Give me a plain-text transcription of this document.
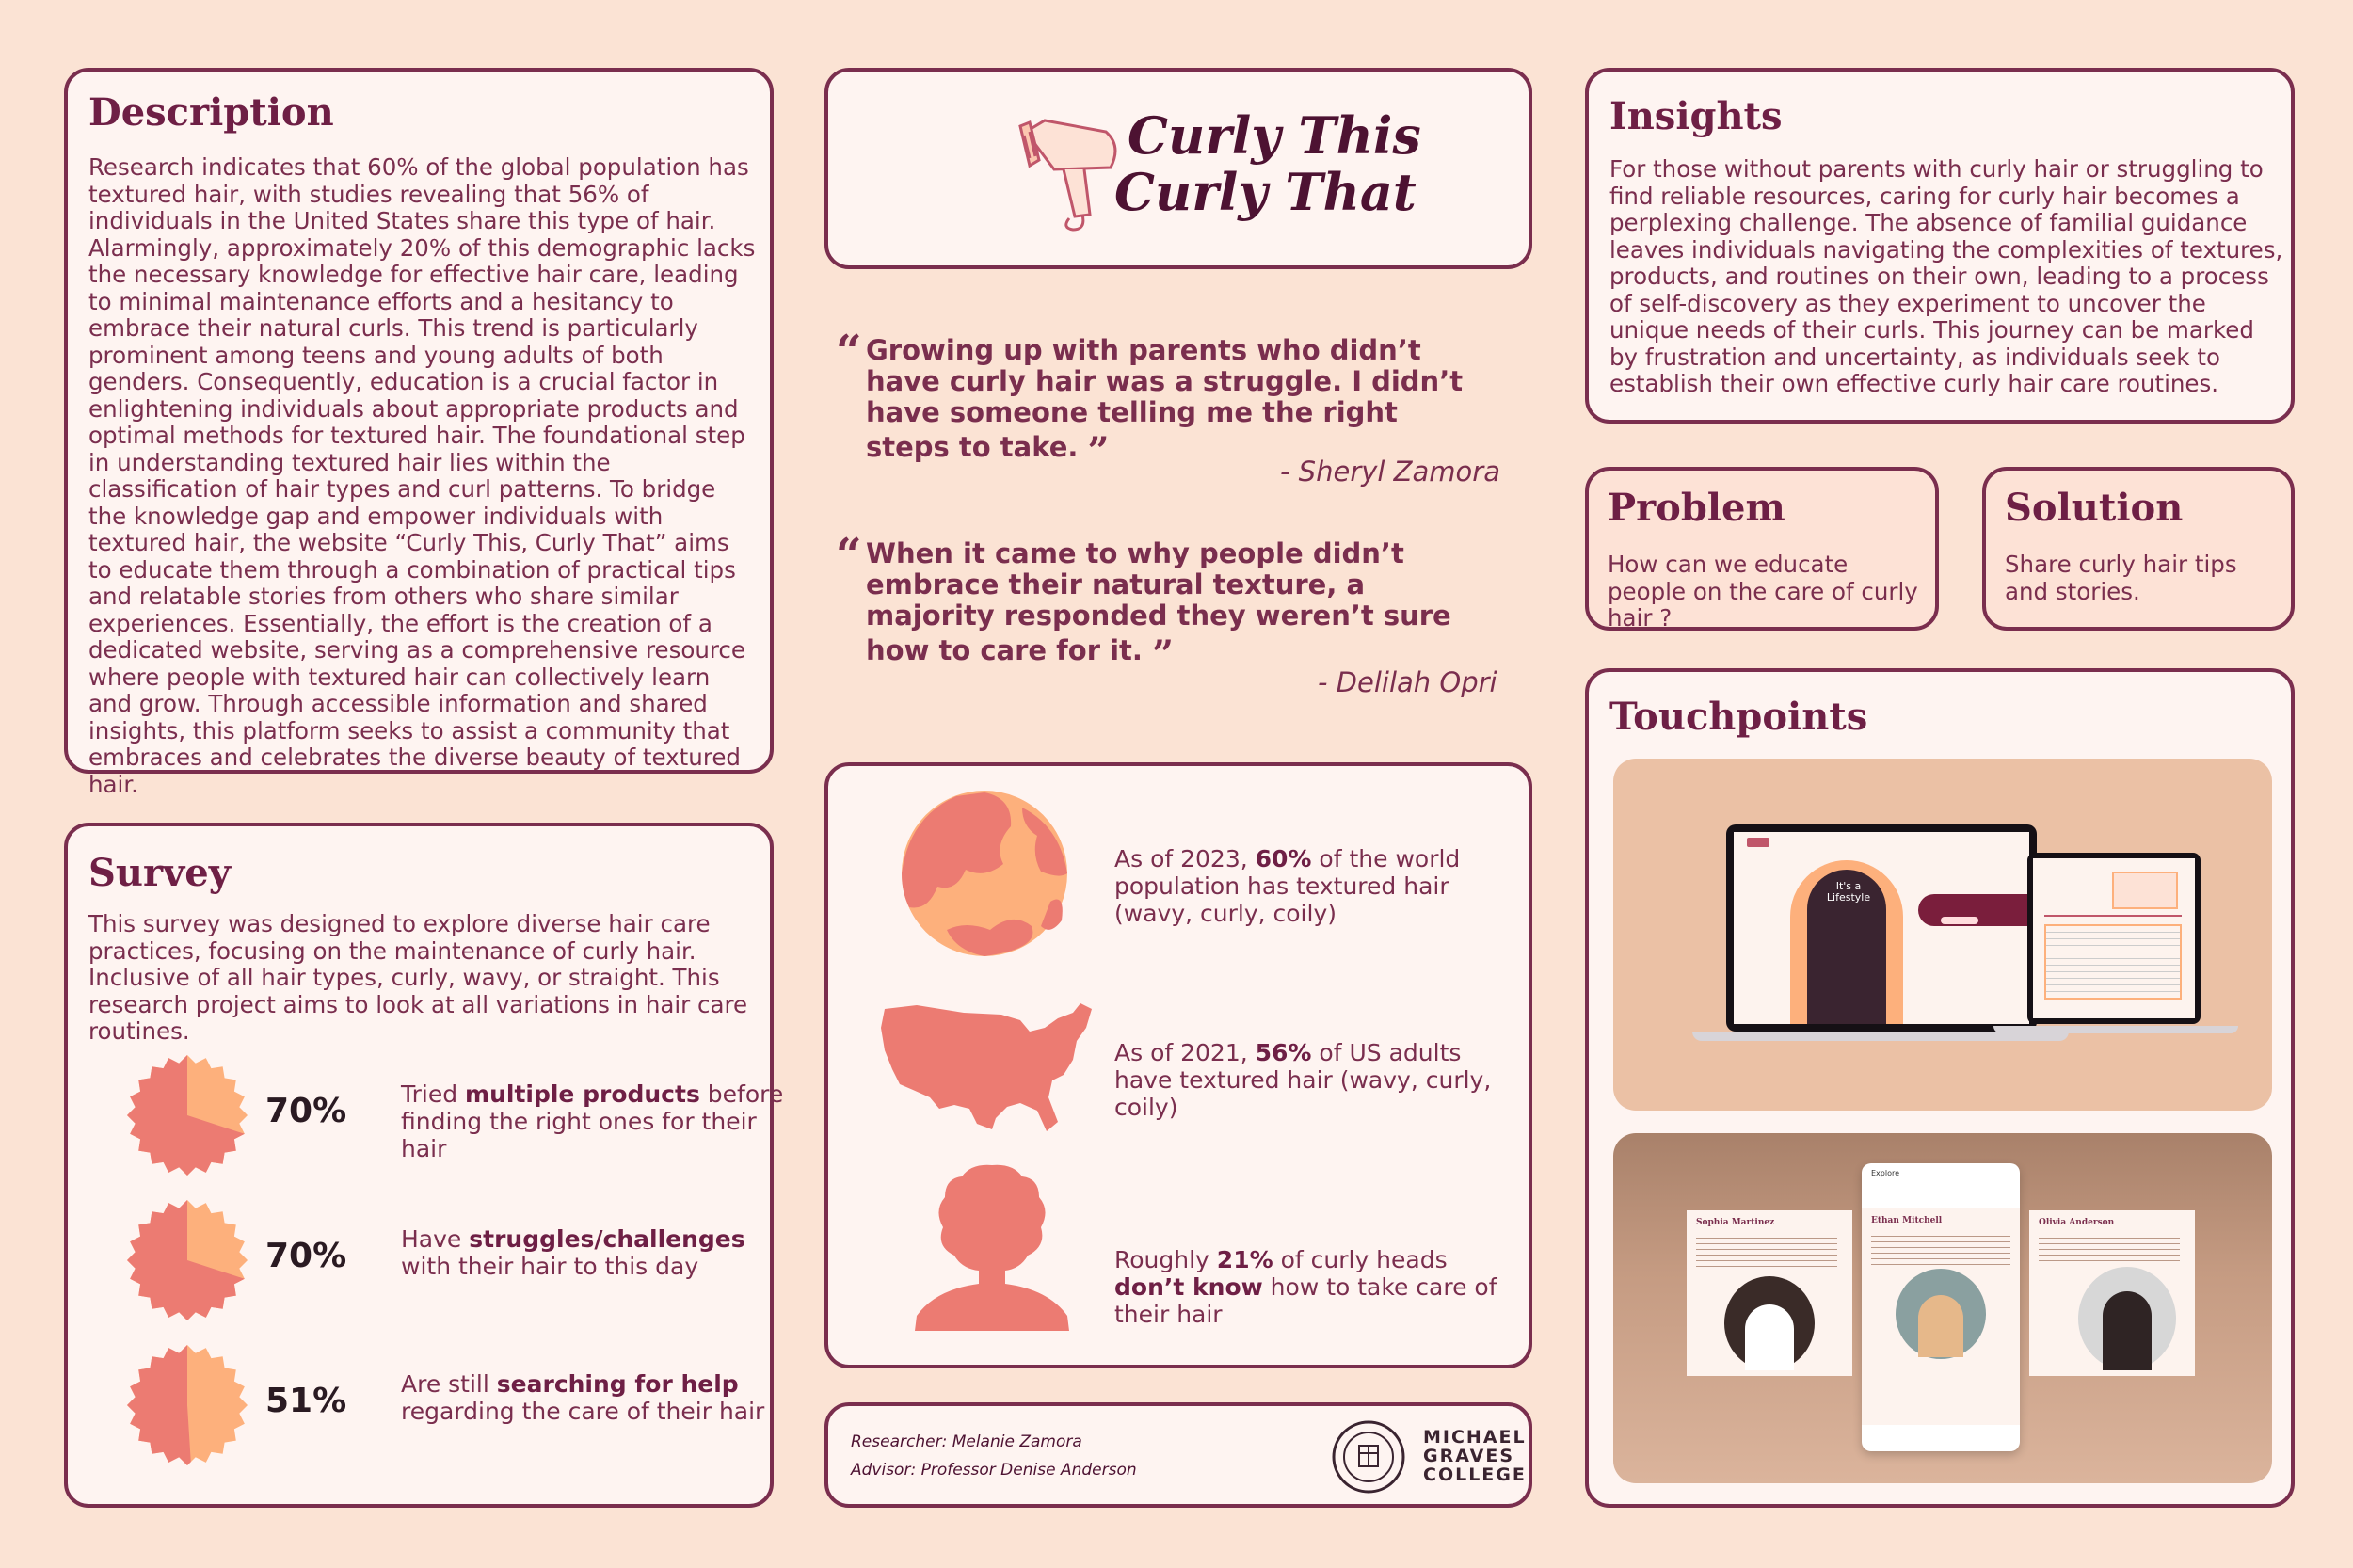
Description
Research indicates that 60% of the global population has textured hair, with studies revealing that 56% of individuals in the United States share this type of hair. Alarmingly, approximately 20% of this demographic lacks the necessary knowledge for effective hair care, leading to minimal maintenance efforts and a hesitancy to embrace their natural curls. This trend is particularly prominent among teens and young adults of both genders. Consequently, education is a crucial factor in enlightening individuals about appropriate products and optimal methods for textured hair. The foundational step in understanding textured hair lies within the classification of hair types and curl patterns. To bridge the knowledge gap and empower individuals with textured hair, the website “Curly This, Curly That” aims to educate them through a combination of practical tips and relatable stories from others who share similar experiences. Essentially, the effort is the creation of a dedicated website, serving as a comprehensive resource where people with textured hair can collectively learn and grow. Through accessible information and shared insights, this platform seeks to assist a community that embraces and celebrates the diverse beauty of textured hair.
Survey
This survey was designed to explore diverse hair care practices, focusing on the maintenance of curly hair. Inclusive of all hair types, curly, wavy, or straight. This research project aims to look at all variations in hair care routines.
70% Tried multiple products before finding the right ones for their hair
70% Have struggles/challenges with their hair to this day
51% Are still searching for help regarding the care of their hair
Curly This
Curly That
“ Growing up with parents who didn’t have curly hair was a struggle. I didn’t have someone telling me the right steps to take. ”	- Sheryl Zamora
“ When it came to why people didn’t embrace their natural texture, a majority responded they weren’t sure how to care for it. ”
- Delilah Opri
As of 2023, 60% of the world population has textured hair (wavy, curly, coily)
As of 2021, 56% of US adults have textured hair (wavy, curly, coily)
Roughly 21% of curly heads don’t know how to take care of their hair
Researcher: Melanie Zamora
Advisor: Professor Denise Anderson
MICHAEL
GRAVES
COLLEGE
Insights
For those without parents with curly hair or struggling to find reliable resources, caring for curly hair becomes a perplexing challenge. The absence of familial guidance leaves individuals navigating the complexities of textures, products, and routines on their own, leading to a process of self-discovery as they experiment to uncover the unique needs of their curls. This journey can be marked by frustration and uncertainty, as individuals seek to establish their own effective curly hair care routines.
Problem
How can we educate people on the care of curly hair ?
Solution
Share curly hair tips and stories.
Touchpoints
It's a Lifestyle
Sophia Martinez
Explore
Ethan Mitchell	Olivia Anderson
